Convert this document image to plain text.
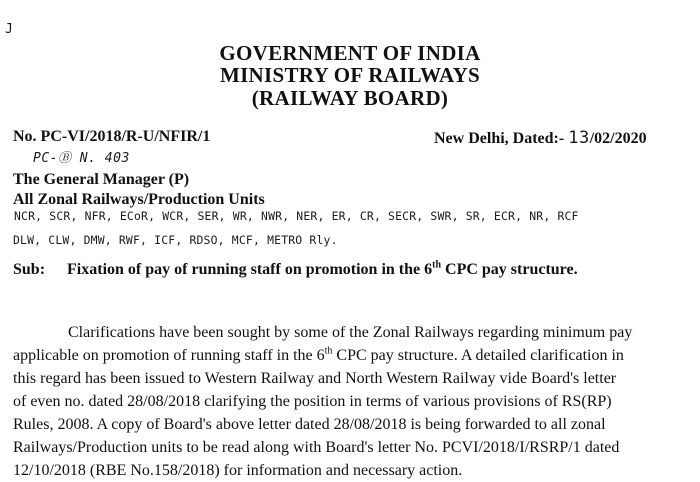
J
GOVERNMENT OF INDIA
MINISTRY OF RAILWAYS
(RAILWAY BOARD)
No. PC-VI/2018/R-U/NFIR/1	New Delhi, Dated:- 13/02/2020
PC-Ⓑ N. 403
The General Manager (P)
All Zonal Railways/Production Units
NCR, SCR, NFR, ECoR, WCR, SER, WR, NWR, NER, ER, CR, SECR, SWR, SR, ECR, NR, RCF
DLW, CLW, DMW, RWF, ICF, RDSO, MCF, METRO Rly.
Sub: Fixation of pay of running staff on promotion in the 6th CPC pay structure.
Clarifications have been sought by some of the Zonal Railways regarding minimum pay
applicable on promotion of running staff in the 6th CPC pay structure. A detailed clarification in
this regard has been issued to Western Railway and North Western Railway vide Board's letter
of even no. dated 28/08/2018 clarifying the position in terms of various provisions of RS(RP)
Rules, 2008. A copy of Board's above letter dated 28/08/2018 is being forwarded to all zonal
Railways/Production units to be read along with Board's letter No. PCVI/2018/I/RSRP/1 dated
12/10/2018 (RBE No.158/2018) for information and necessary action.
